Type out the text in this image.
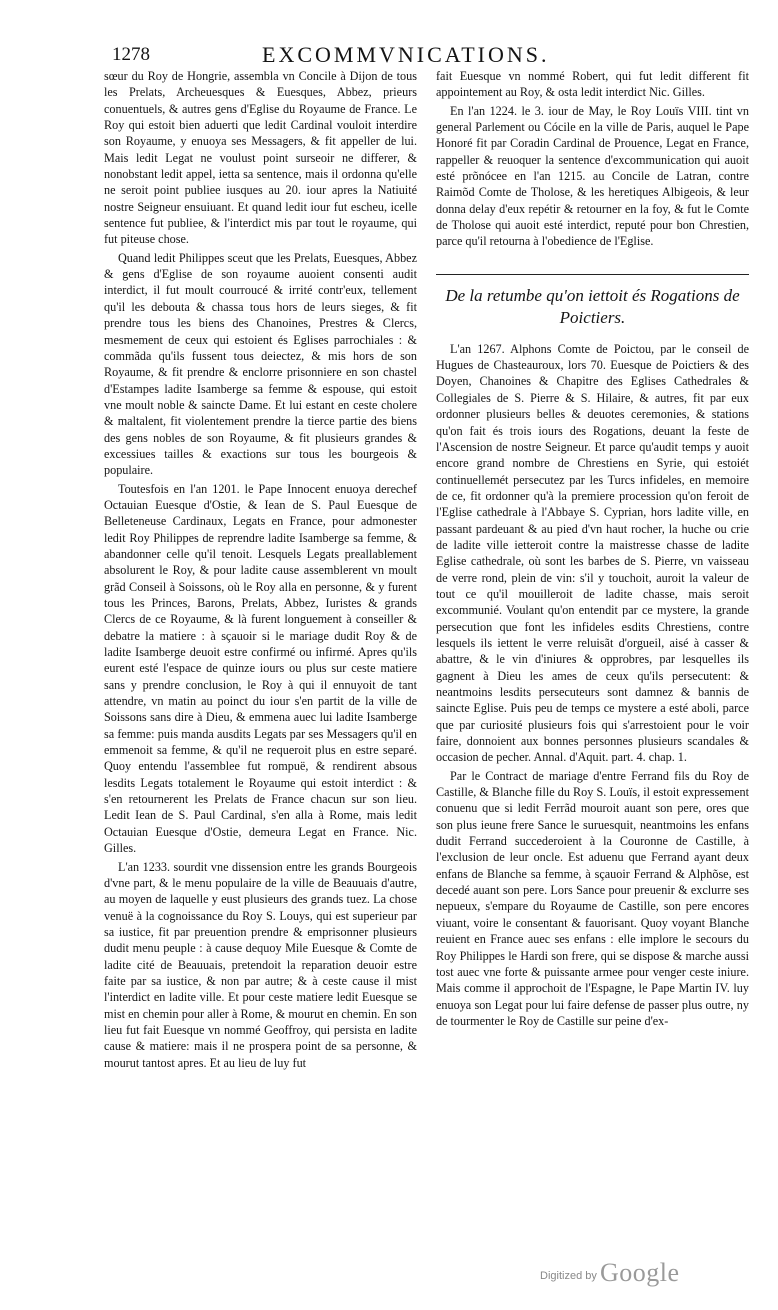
1278	EXCOMMVNICATIONS.

sœur du Roy de Hongrie, assembla vn Concile à Dijon de tous les Prelats, Archeuesques & Euesques, Abbez, prieurs conuentuels, & autres gens d'Eglise du Royaume de France. Le Roy qui estoit bien aduerti que ledit Cardinal vouloit interdire son Royaume, y enuoya ses Messagers, & fit appeller de lui. Mais ledit Legat ne voulust point surseoir ne differer, & nonobstant ledit appel, ietta sa sentence, mais il ordonna qu'elle ne seroit point publiee iusques au 20. iour apres la Natiuité nostre Seigneur ensuiuant. Et quand ledit iour fut escheu, icelle sentence fut publiee, & l'interdict mis par tout le royaume, qui fut piteuse chose.

Quand ledit Philippes sceut que les Prelats, Euesques, Abbez & gens d'Eglise de son royaume auoient consenti audit interdict, il fut moult courroucé & irrité contr'eux, tellement qu'il les debouta & chassa tous hors de leurs sieges, & fit prendre tous les biens des Chanoines, Prestres & Clercs, mesmement de ceux qui estoient és Eglises parrochiales : & commãda qu'ils fussent tous deiectez, & mis hors de son Royaume, & fit prendre & enclorre prisonniere en son chastel d'Estampes ladite Isamberge sa femme & espouse, qui estoit vne moult noble & saincte Dame. Et lui estant en ceste cholere & maltalent, fit violentement prendre la tierce partie des biens des gens nobles de son Royaume, & fit plusieurs grandes & excessiues tailles & exactions sur tous les bourgeois & populaire.

Toutesfois en l'an 1201. le Pape Innocent enuoya derechef Octauian Euesque d'Ostie, & Iean de S. Paul Euesque de Belleteneuse Cardinaux, Legats en France, pour admonester ledit Roy Philippes de reprendre ladite Isamberge sa femme, & abandonner celle qu'il tenoit. Lesquels Legats preallablement absolurent le Roy, & pour ladite cause assemblerent vn moult grãd Conseil à Soissons, où le Roy alla en personne, & y furent tous les Princes, Barons, Prelats, Abbez, Iuristes & grands Clercs de ce Royaume, & là furent longuement à conseiller & debatre la matiere : à sçauoir si le mariage dudit Roy & de ladite Isamberge deuoit estre confirmé ou infirmé. Apres qu'ils eurent esté l'espace de quinze iours ou plus sur ceste matiere sans y prendre conclusion, le Roy à qui il ennuyoit de tant attendre, vn matin au poinct du iour s'en partit de la ville de Soissons sans dire à Dieu, & emmena auec lui ladite Isamberge sa femme: puis manda ausdits Legats par ses Messagers qu'il en emmenoit sa femme, & qu'il ne requeroit plus en estre separé. Quoy entendu l'assemblee fut rompuë, & rendirent absous lesdits Legats totalement le Royaume qui estoit interdict : & s'en retournerent les Prelats de France chacun sur son lieu. Ledit Iean de S. Paul Cardinal, s'en alla à Rome, mais ledit Octauian Euesque d'Ostie, demeura Legat en France. Nic. Gilles.

L'an 1233. sourdit vne dissension entre les grands Bourgeois d'vne part, & le menu populaire de la ville de Beauuais d'autre, au moyen de laquelle y eust plusieurs des grands tuez. La chose venuë à la cognoissance du Roy S. Louys, qui est superieur par sa iustice, fit par preuention prendre & emprisonner plusieurs dudit menu peuple : à cause dequoy Mile Euesque & Comte de ladite cité de Beauuais, pretendoit la reparation deuoir estre faite par sa iustice, & non par autre; & à ceste cause il mist l'interdict en ladite ville. Et pour ceste matiere ledit Euesque se mist en chemin pour aller à Rome, & mourut en chemin. En son lieu fut fait Euesque vn nommé Geoffroy, qui persista en ladite cause & matiere: mais il ne prospera point de sa personne, & mourut tantost apres. Et au lieu de luy fut

fait Euesque vn nommé Robert, qui fut ledit different fit appointement au Roy, & osta ledit interdict Nic. Gilles.

En l'an 1224. le 3. iour de May, le Roy Louïs VIII. tint vn general Parlement ou Cócile en la ville de Paris, auquel le Pape Honoré fit par Coradin Cardinal de Prouence, Legat en France, rappeller & reuoquer la sentence d'excommunication qui auoit esté prõnócee en l'an 1215. au Concile de Latran, contre Raimõd Comte de Tholose, & les heretiques Albigeois, & leur donna delay d'eux repétir & retourner en la foy, & fut le Comte de Tholose qui auoit esté interdict, reputé pour bon Chrestien, parce qu'il retourna à l'obedience de l'Eglise.

De la retumbe qu'on iettoit és Rogations de Poictiers.

L'an 1267. Alphons Comte de Poictou, par le conseil de Hugues de Chasteauroux, lors 70. Euesque de Poictiers & des Doyen, Chanoines & Chapitre des Eglises Cathedrales & Collegiales de S. Pierre & S. Hilaire, & autres, fit par eux ordonner plusieurs belles & deuotes ceremonies, & stations qu'on fait és trois iours des Rogations, deuant la feste de l'Ascension de nostre Seigneur. Et parce qu'audit temps y auoit encore grand nombre de Chrestiens en Syrie, qui estoiét continuellemét persecutez par les Turcs infideles, en memoire de ce, fit ordonner qu'à la premiere procession qu'on feroit de l'Eglise cathedrale à l'Abbaye S. Cyprian, hors ladite ville, en passant pardeuant & au pied d'vn haut rocher, la huche ou crie de ladite ville ietteroit contre la maistresse chasse de ladite Eglise cathedrale, où sont les barbes de S. Pierre, vn vaisseau de verre rond, plein de vin: s'il y touchoit, auroit la valeur de tout ce qu'il mouilleroit de ladite chasse, mais seroit excommunié. Voulant qu'on entendit par ce mystere, la grande persecution que font les infideles esdits Chrestiens, contre lesquels ils iettent le verre reluisãt d'orgueil, aisé à casser & abattre, & le vin d'iniures & opprobres, par lesquelles ils gagnent à Dieu les ames de ceux qu'ils persecutent: & neantmoins lesdits persecuteurs sont damnez & bannis de saincte Eglise. Puis peu de temps ce mystere a esté aboli, parce que par curiosité plusieurs fois qui s'arrestoient pour le voir faire, donnoient aux bonnes personnes plusieurs scandales & occasion de pecher. Annal. d'Aquit. part. 4. chap. 1.

Par le Contract de mariage d'entre Ferrand fils du Roy de Castille, & Blanche fille du Roy S. Louïs, il estoit expressement conuenu que si ledit Ferrãd mouroit auant son pere, ores que son plus ieune frere Sance le suruesquit, neantmoins les enfans dudit Ferrand succederoient à la Couronne de Castille, à l'exclusion de leur oncle. Est aduenu que Ferrand ayant deux enfans de Blanche sa femme, à sçauoir Ferrand & Alphõse, est decedé auant son pere. Lors Sance pour preuenir & exclurre ses nepueux, s'empare du Royaume de Castille, son pere encores viuant, voire le consentant & fauorisant. Quoy voyant Blanche reuient en France auec ses enfans : elle implore le secours du Roy Philippes le Hardi son frere, qui se dispose & marche aussi tost auec vne forte & puissante armee pour venger ceste iniure. Mais comme il approchoit de l'Espagne, le Pape Martin IV. luy enuoya son Legat pour lui faire defense de passer plus outre, ny de tourmenter le Roy de Castille sur peine d'ex-

Digitized by Google
